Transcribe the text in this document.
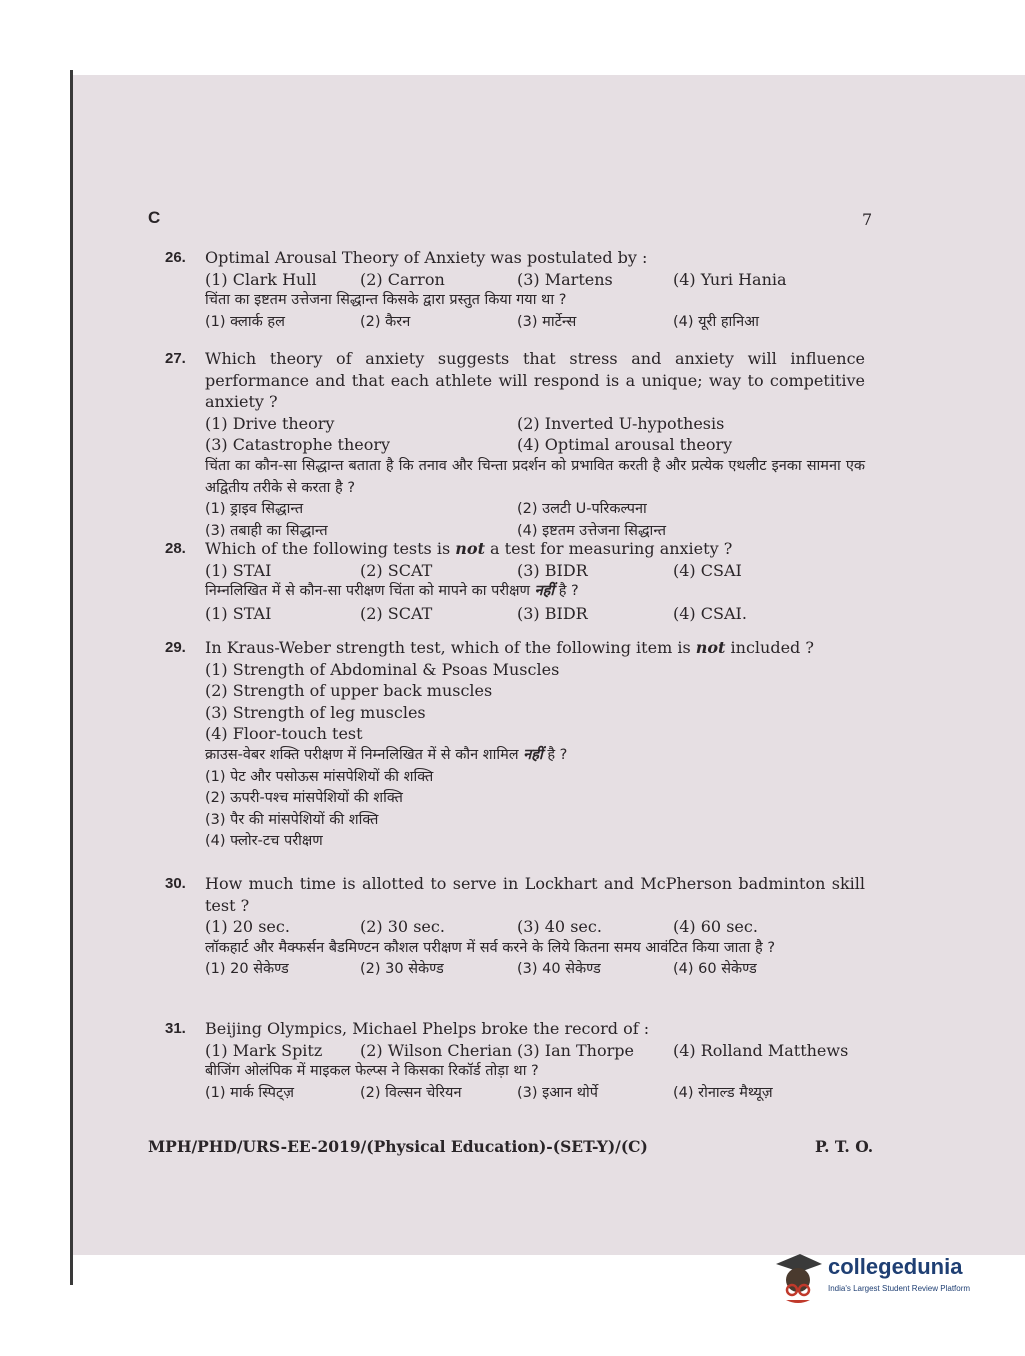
C	7
26. Optimal Arousal Theory of Anxiety was postulated by :
(1) Clark Hull	(2) Carron	(3) Martens	(4) Yuri Hania
चिंता का इष्टतम उत्तेजना सिद्धान्त किसके द्वारा प्रस्तुत किया गया था ?
(1) क्लार्क हल	(2) कैरन	(3) मार्टेन्स	(4) यूरी हानिआ
27. Which theory of anxiety suggests that stress and anxiety will influence performance and that each athlete will respond is a unique; way to competitive anxiety ?
(1) Drive theory	(2) Inverted U-hypothesis
(3) Catastrophe theory	(4) Optimal arousal theory
चिंता का कौन-सा सिद्धान्त बताता है कि तनाव और चिन्ता प्रदर्शन को प्रभावित करती है और प्रत्येक एथलीट इनका सामना एक अद्वितीय तरीके से करता है ?
(1) ड्राइव सिद्धान्त	(2) उलटी U-परिकल्पना
(3) तबाही का सिद्धान्त	(4) इष्टतम उत्तेजना सिद्धान्त
28. Which of the following tests is not a test for measuring anxiety ?
(1) STAI	(2) SCAT	(3) BIDR	(4) CSAI
निम्नलिखित में से कौन-सा परीक्षण चिंता को मापने का परीक्षण नहीं है ?
(1) STAI	(2) SCAT	(3) BIDR	(4) CSAI.
29. In Kraus-Weber strength test, which of the following item is not included ?
(1) Strength of Abdominal & Psoas Muscles
(2) Strength of upper back muscles
(3) Strength of leg muscles
(4) Floor-touch test
क्राउस-वेबर शक्ति परीक्षण में निम्नलिखित में से कौन शामिल नहीं है ?
(1) पेट और पसोऊस मांसपेशियों की शक्ति
(2) ऊपरी-पश्च मांसपेशियों की शक्ति
(3) पैर की मांसपेशियों की शक्ति
(4) फ्लोर-टच परीक्षण
30. How much time is allotted to serve in Lockhart and McPherson badminton skill test ?
(1) 20 sec.	(2) 30 sec.	(3) 40 sec.	(4) 60 sec.
लॉकहार्ट और मैक्फर्सन बैडमिण्टन कौशल परीक्षण में सर्व करने के लिये कितना समय आवंटित किया जाता है ?
(1) 20 सेकेण्ड	(2) 30 सेकेण्ड	(3) 40 सेकेण्ड	(4) 60 सेकेण्ड
31. Beijing Olympics, Michael Phelps broke the record of :
(1) Mark Spitz (2) Wilson Cherian (3) Ian Thorpe (4) Rolland Matthews
बीजिंग ओलंपिक में माइकल फेल्प्स ने किसका रिकॉर्ड तोड़ा था ?
(1) मार्क स्पिट्ज़	(2) विल्सन चेरियन	(3) इआन थोर्पे	(4) रोनाल्ड मैथ्यूज़
MPH/PHD/URS-EE-2019/(Physical Education)-(SET-Y)/(C)	P. T. O.
collegedunia
India's Largest Student Review Platform
